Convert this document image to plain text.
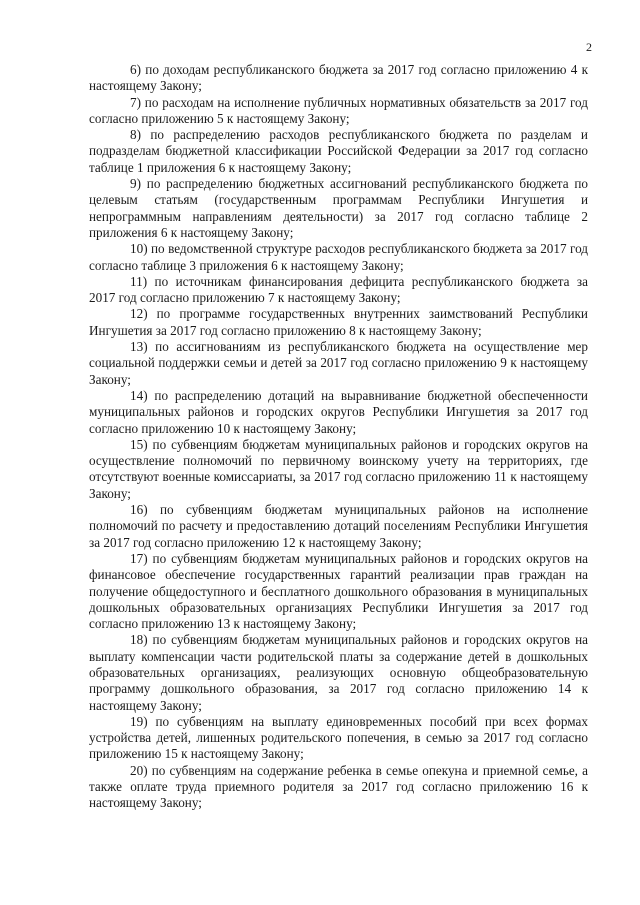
2

6) по доходам республиканского бюджета за 2017 год согласно приложению 4 к настоящему Закону;

7) по расходам на исполнение публичных нормативных обязательств за 2017 год согласно приложению 5 к настоящему Закону;

8) по распределению расходов республиканского бюджета по разделам и подразделам бюджетной классификации Российской Федерации за 2017 год согласно таблице 1 приложения 6 к настоящему Закону;

9) по распределению бюджетных ассигнований республиканского бюджета по целевым статьям (государственным программам Республики Ингушетия и непрограммным направлениям деятельности) за 2017 год согласно таблице 2 приложения 6 к настоящему Закону;

10) по ведомственной структуре расходов республиканского бюджета за 2017 год согласно таблице 3 приложения 6 к настоящему Закону;

11) по источникам финансирования дефицита республиканского бюджета за 2017 год согласно приложению 7 к настоящему Закону;

12) по программе государственных внутренних заимствований Республики Ингушетия за 2017 год согласно приложению 8 к настоящему Закону;

13) по ассигнованиям из республиканского бюджета на осуществление мер социальной поддержки семьи и детей за 2017 год согласно приложению 9 к настоящему Закону;

14) по распределению дотаций на выравнивание бюджетной обеспеченности муниципальных районов и городских округов Республики Ингушетия за 2017 год согласно приложению 10 к настоящему Закону;

15) по субвенциям бюджетам муниципальных районов и городских округов на осуществление полномочий по первичному воинскому учету на территориях, где отсутствуют военные комиссариаты, за 2017 год согласно приложению 11 к настоящему Закону;

16) по субвенциям бюджетам муниципальных районов на исполнение полномочий по расчету и предоставлению дотаций поселениям Республики Ингушетия за 2017 год согласно приложению 12 к настоящему Закону;

17) по субвенциям бюджетам муниципальных районов и городских округов на финансовое обеспечение государственных гарантий реализации прав граждан на получение общедоступного и бесплатного дошкольного образования в муниципальных дошкольных образовательных организациях Республики Ингушетия за 2017 год согласно приложению 13 к настоящему Закону;

18) по субвенциям бюджетам муниципальных районов и городских округов на выплату компенсации части родительской платы за содержание детей в дошкольных образовательных организациях, реализующих основную общеобразовательную программу дошкольного образования, за 2017 год согласно приложению 14 к настоящему Закону;

19) по субвенциям на выплату единовременных пособий при всех формах устройства детей, лишенных родительского попечения, в семью за 2017 год согласно приложению 15 к настоящему Закону;

20) по субвенциям на содержание ребенка в семье опекуна и приемной семье, а также оплате труда приемного родителя за 2017 год согласно приложению 16 к настоящему Закону;
